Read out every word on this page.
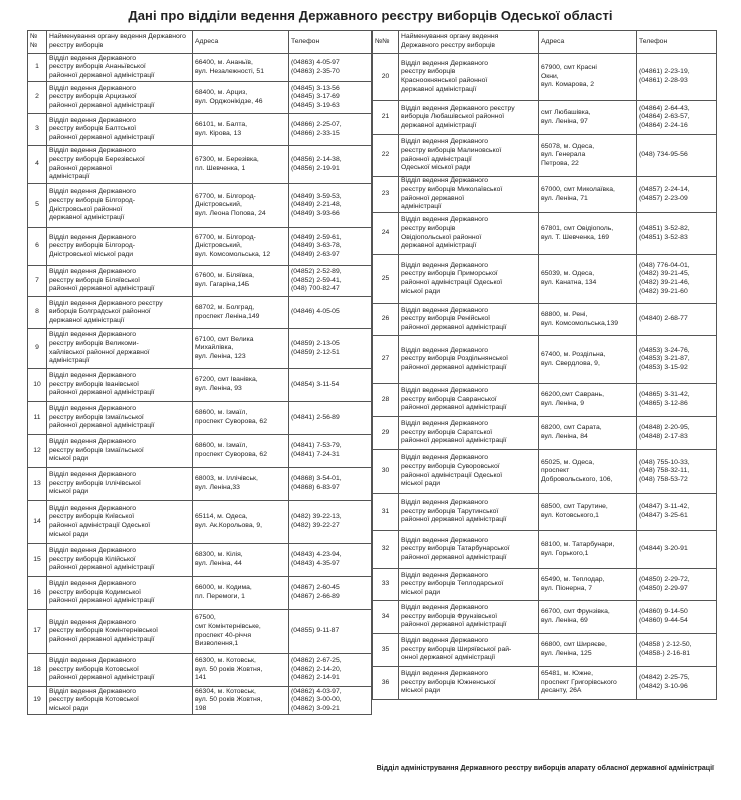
Дані про відділи ведення Державного реєстру виборців Одеської області
№№	Найменування органу ведення Державного реєстру виборців	Адреса	Телефон
1	Відділ ведення Державного
реєстру виборців Ананьївської
районної державної адміністрації	66400, м. Ананьїв,
вул. Незалежності, 51	(04863) 4-05-97
(04863) 2-35-70

2	Відділ ведення Державного
реєстру виборців Арцизької
районної державної адміністрації	68400, м. Арциз,
вул. Орджонікідзе, 46	(04845) 3-13-56
(04845) 3-17-69
(04845) 3-19-63

3	Відділ ведення Державного
реєстру виборців Балтської
районної державної адміністрації	66101, м. Балта,
вул. Кірова, 13	(04866) 2-25-07,
(04866) 2-33-15

4	Відділ ведення Державного
реєстру виборців Березівської
районної державної
адміністрації	67300, м. Березівка,
пл. Шевченка, 1	(04856) 2-14-38,
(04856) 2-19-91

5	Відділ ведення Державного
реєстру виборців Білгород-
Дністровської районної
державної адміністрації	67700, м. Білгород-
Дністровський,
вул. Леона Попова, 24	(04849) 3-59-53,
(04849) 2-21-48,
(04849) 3-93-66

6	Відділ ведення Державного
реєстру виборців Білгород-
Дністровської міської ради	67700, м. Білгород-
Дністровський,
вул. Комсомольська, 12	(04849) 2-59-61,
(04849) 3-63-78,
(04849) 2-63-97

7	Відділ ведення Державного
реєстру виборців Біляївської
районної державної адміністрації	67600, м. Біляївка,
вул. Гагаріна,14Б	(04852) 2-52-89,
(04852) 2-59-41,
(048) 700-82-47

8	Відділ ведення Державного реєстру
виборців Болградської районної
державної адміністрації	68702, м. Болград,
проспект Леніна,149	(04846) 4-05-05

9	Відділ ведення Державного
реєстру виборців Великоми-
хайлівської районної державної
адміністрації	67100, смт Велика
Михайлівка,
вул. Леніна, 123	(04859) 2-13-05
(04859) 2-12-51

10	Відділ ведення Державного
реєстру виборців Іванівської
районної державної адміністрації	67200, смт Іванівка,
вул. Леніна, 93	(04854) 3-11-54

11	Відділ ведення Державного
реєстру виборців Ізмаїльської
районної державної адміністрації	68600, м. Ізмаїл,
проспект Суворова, 62	(04841) 2-56-89

12	Відділ ведення Державного
реєстру виборців Ізмаїльської
міської ради	68600, м. Ізмаїл,
проспект Суворова, 62	(04841) 7-53-79,
(04841) 7-24-31

13	Відділ ведення Державного
реєстру виборців Іллічівської
міської ради	68003, м. Іллічівськ,
вул. Леніна,33	(04868) 3-54-01,
(04868) 6-83-97

14	Відділ ведення Державного
реєстру виборців Київської
районної адміністрації Одеської
міської ради	65114, м. Одеса,
вул. Ак.Корольова, 9,	(0482) 39-22-13,
(0482) 39-22-27

15	Відділ ведення Державного
реєстру виборців Кілійської
районної державної адміністрації	68300, м. Кілія,
вул. Леніна, 44	(04843) 4-23-94,
(04843) 4-35-97

16	Відділ ведення Державного
реєстру виборців Кодимської
районної державної адміністрації	66000, м. Кодима,
пл. Перемоги, 1	(04867) 2-60-45
(04867) 2-66-89

17	Відділ ведення Державного
реєстру виборців Комінтернівської
районної державної адміністрації	67500,
смт Комінтернівське,
проспект 40-річчя
Визволення,1	(04855) 9-11-87

18	Відділ ведення Державного
реєстру виборців Котовської
районної державної адміністрації	66300, м. Котовськ,
вул. 50 років Жовтня,
141	(04862) 2-67-25,
(04862) 2-14-20,
(04862) 2-14-91

19	Відділ ведення Державного
реєстру виборців Котовської
міської ради	66304, м. Котовськ,
вул. 50 років Жовтня,
198	(04862) 4-03-97,
(04862) 3-00-00,
(04862) 3-09-21
№№	Найменування органу ведення Державного реєстру виборців	Адреса	Телефон
20	Відділ ведення Державного
реєстру виборців
Красноокнянської районної
державної адміністрації	67900, смт Красні
Окни,
вул. Комарова, 2	(04861) 2-23-19,
(04861) 2-28-93

21	Відділ ведення Державного реєстру
виборців Любашівської районної
державної адміністрації	смт Любашівка,
вул. Леніна, 97	(04864) 2-64-43,
(04864) 2-63-57,
(04864) 2-24-16

22	Відділ ведення Державного
реєстру виборців Малиновської
районної адміністрації
Одеської міської ради	65078, м. Одеса,
вул. Генерала
Петрова, 22	(048) 734-95-56

23	Відділ ведення Державного
реєстру виборців Миколаївської
районної державної
адміністрації	67000, смт Миколаївка,
вул. Леніна, 71	(04857) 2-24-14,
(04857) 2-23-09

24	Відділ ведення Державного
реєстру виборців
Овідіопольської районної
державної адміністрації	67801, смт Овідіополь,
вул. Т. Шевченка, 169	(04851) 3-52-82,
(04851) 3-52-83

25	Відділ ведення Державного
реєстру виборців Приморської
районної адміністрації Одеської
міської ради	65039, м. Одеса,
вул. Канатна, 134	(048) 776-04-01,
(0482) 39-21-45,
(0482) 39-21-46,
(0482) 39-21-60

26	Відділ ведення Державного
реєстру виборців Ренійської
районної державної адміністрації	68800, м. Рені,
вул. Комсомольська,139	(04840) 2-68-77

27	Відділ ведення Державного
реєстру виборців Роздільнянської
районної державної адміністрації	67400, м. Роздільна,
вул. Свердлова, 9,	(04853) 3-24-76,
(04853) 3-21-87,
(04853) 3-15-92

28	Відділ ведення Державного
реєстру виборців Савранської
районної державної адміністрації	66200,смт Саврань,
вул. Леніна, 9	(04865) 3-31-42,
(04865) 3-12-86

29	Відділ ведення Державного
реєстру виборців Саратської
районної державної адміністрації	68200, смт Сарата,
вул. Леніна, 84	(04848) 2-20-95,
(04848) 2-17-83

30	Відділ ведення Державного
реєстру виборців Суворовської
районної адміністрації Одеської
міської ради	65025, м. Одеса,
проспект
Добровольського, 106,	(048) 755-10-33,
(048) 758-32-11,
(048) 758-53-72

31	Відділ ведення Державного
реєстру виборців Тарутинської
районної державної адміністрації	68500, смт Тарутине,
вул. Котовського,1	(04847) 3-11-42,
(04847) 3-25-61

32	Відділ ведення Державного
реєстру виборців Татарбунарської
районної державної адміністрації	68100, м. Татарбунари,
вул. Горького,1	(04844) 3-20-91

33	Відділ ведення Державного
реєстру виборців Теплодарської
міської ради	65490, м. Теплодар,
вул. Піонерна, 7	(04850) 2-29-72,
(04850) 2-29-97

34	Відділ ведення Державного
реєстру виборців Фрунзівської
районної державної адміністрації	66700, смт Фрунзівка,
вул. Леніна, 69	(04860) 9-14-50
(04860) 9-44-54

35	Відділ ведення Державного
реєстру виборців Ширяївської рай-
онної державної адміністрації	66800, смт Ширяєве,
вул. Леніна, 125	(04858 ) 2-12-50,
(04858-) 2-16-81

36	Відділ ведення Державного
реєстру виборців Южненської
міської ради	65481, м. Южне,
проспект Григорівського
десанту, 26А	(04842) 2-25-75,
(04842) 3-10-96
Відділ адміністрування Державного реєстру виборців апарату обласної державної адміністрації
